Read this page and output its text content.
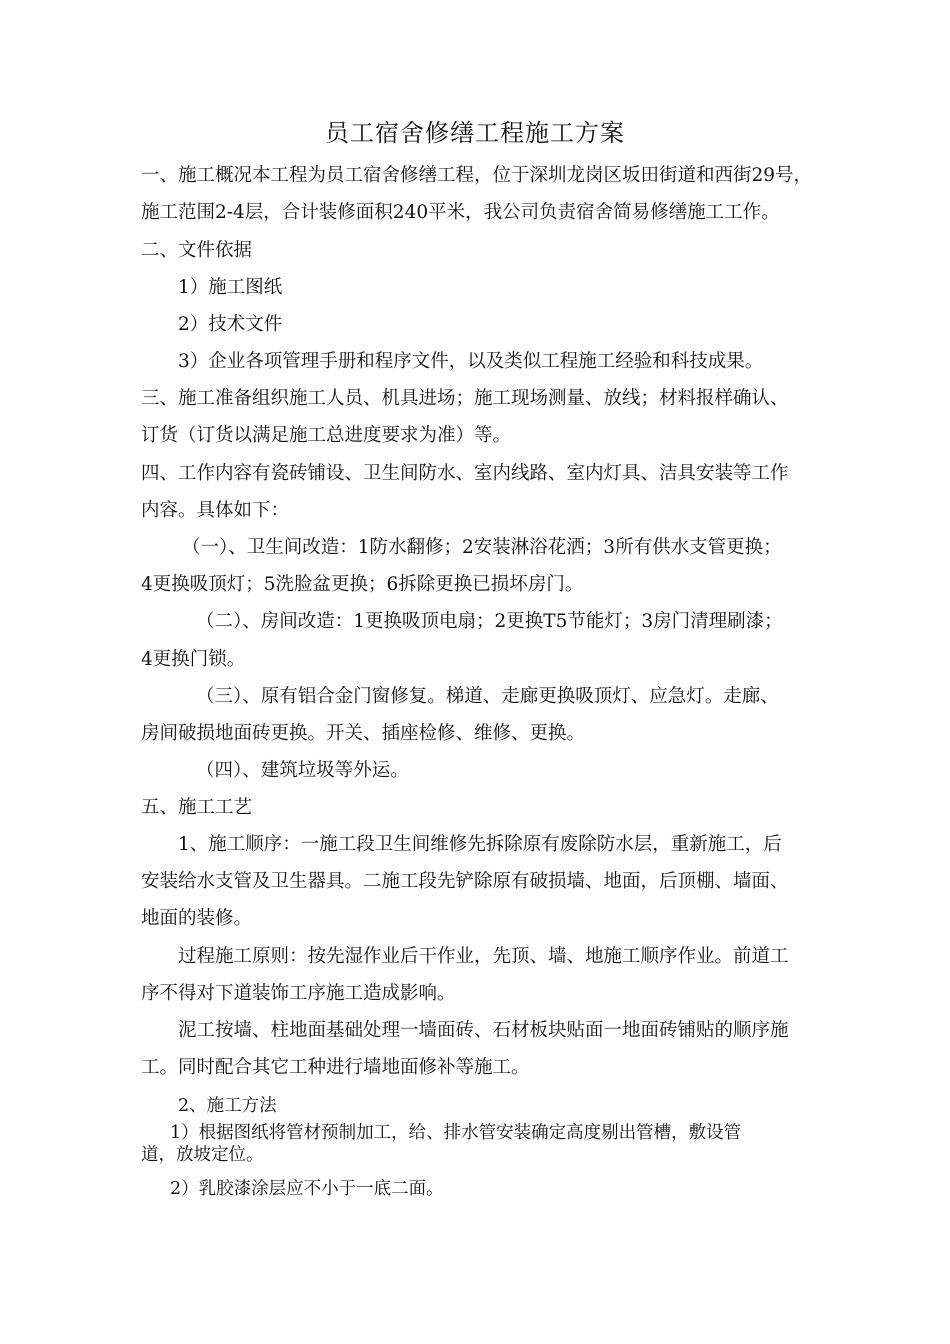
员工宿舍修缮工程施工方案
一、施工概况本工程为员工宿舍修缮工程，位于深圳龙岗区坂田街道和西街29号，
施工范围2-4层，合计装修面积240平米，我公司负责宿舍简易修缮施工工作。
二、文件依据
1）施工图纸
2）技术文件
3）企业各项管理手册和程序文件，以及类似工程施工经验和科技成果。
三、施工准备组织施工人员、机具进场；施工现场测量、放线；材料报样确认、
订货（订货以满足施工总进度要求为准）等。
四、工作内容有瓷砖铺设、卫生间防水、室内线路、室内灯具、洁具安装等工作
内容。具体如下：
（一）、卫生间改造：1防水翻修；2安装淋浴花洒；3所有供水支管更换；
4更换吸顶灯；5洗脸盆更换；6拆除更换已损坏房门。
（二）、房间改造：1更换吸顶电扇；2更换T5节能灯；3房门清理刷漆；
4更换门锁。
（三）、原有铝合金门窗修复。梯道、走廊更换吸顶灯、应急灯。走廊、
房间破损地面砖更换。开关、插座检修、维修、更换。
（四）、建筑垃圾等外运。
五、施工工艺
1、施工顺序：一施工段卫生间维修先拆除原有废除防水层，重新施工，后
安装给水支管及卫生器具。二施工段先铲除原有破损墙、地面，后顶棚、墙面、
地面的装修。
过程施工原则：按先湿作业后干作业，先顶、墙、地施工顺序作业。前道工
序不得对下道装饰工序施工造成影响。
泥工按墙、柱地面基础处理一墙面砖、石材板块贴面一地面砖铺贴的顺序施
工。同时配合其它工种进行墙地面修补等施工。
2、施工方法
1）根据图纸将管材预制加工，给、排水管安装确定高度剔出管槽，敷设管
道，放坡定位。
2）乳胶漆涂层应不小于一底二面。
